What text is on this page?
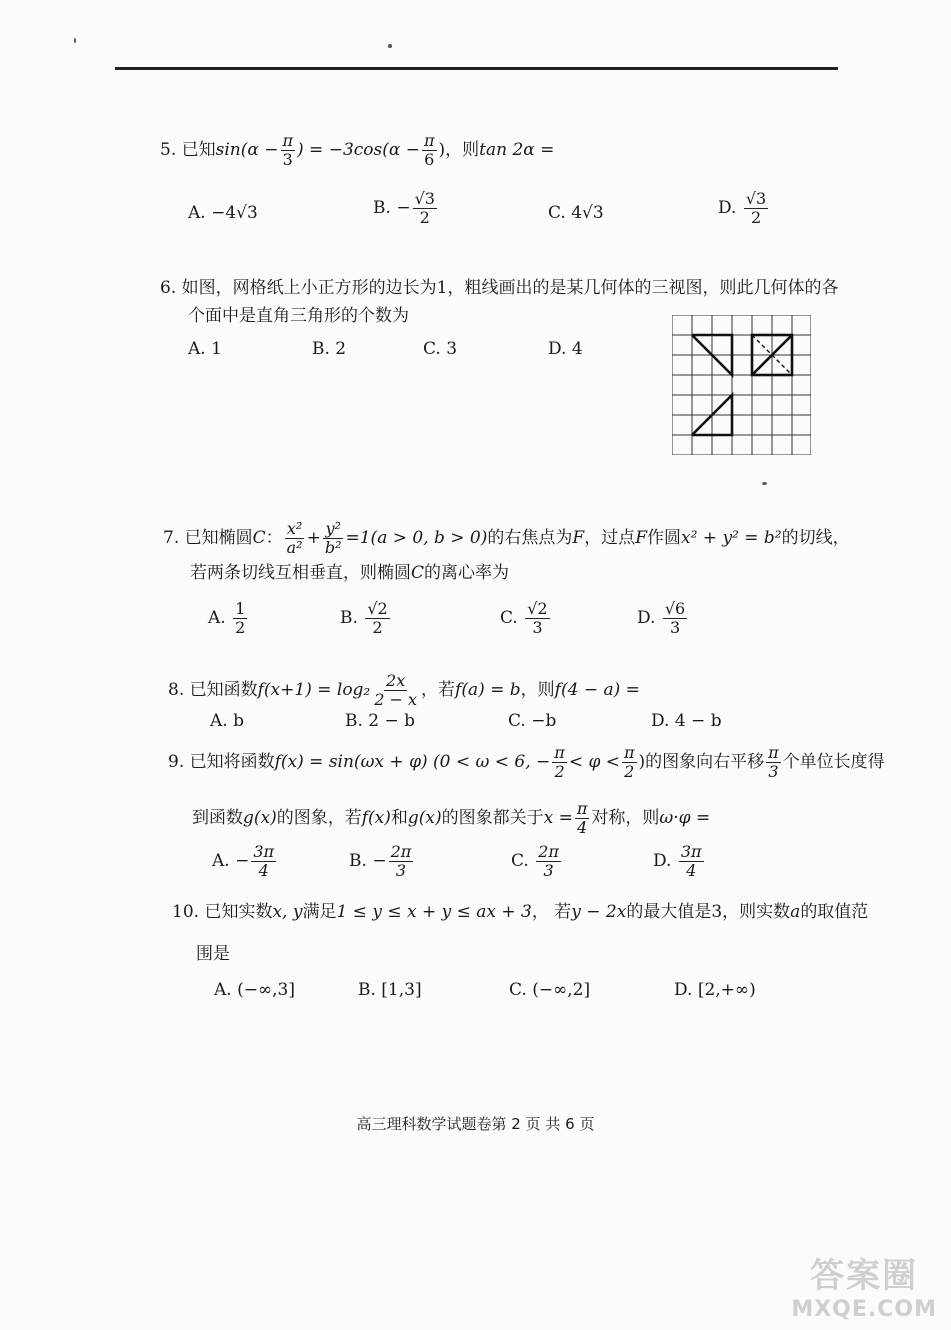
5. 已知$\sin(\alpha - \frac{\pi}{3}$ ) = $-3\cos(\alpha - \frac{\pi}{6}$ )，则tan 2α =
A. −4√3	B. − $\frac{√3}{2}$	C. 4√3	D. $\frac{√3}{2}$
6. 如图，网格纸上小正方形的边长为1，粗线画出的是某几何体的三视图，则此几何体的各
个面中是直角三角形的个数为
A. 1	B. 2	C. 3	D. 4
7. 已知椭圆C： $\frac{\text{x²}}{\text{a²}} + \frac{\text{y²}}{\text{b²}} =1(a > 0$, b > 0)的右焦点为F，过点F作圆x² + y² = b²的切线，
若两条切线互相垂直，则椭圆C的离心率为
A. $\frac{1}{2}$	B. $\frac{√2}{2}$	C. $\frac{√2}{3}$	D. $\frac{√6}{3}$
8. 已知函数$f(x+1) = \log_2 \frac{2x}{2 - x}$ ，若f(a) = b，则f(4 − a) =
A. b	B. 2 − b	C. −b	D. 4 − b
9. 已知将函数f(x) = sin(ωx + φ) (0 < ω < 6, − $\frac{\pi}{2} < \varphi < \frac{\pi}{2}$ )的图象向右平移 $\frac{\pi}{3}$ 个单位长度得
到函数g(x)的图象，若f(x)和g(x)的图象都关于$x = \frac{\pi}{4}$ 对称，则ω·φ =
A. − $\frac{3\pi}{4}$	B. − $\frac{2\pi}{3}$	C. $\frac{2\pi}{3}$	D. $\frac{3\pi}{4}$
10. 已知实数x, y满足1 ≤ y ≤ x + y ≤ ax + 3， 若y − 2x的最大值是3，则实数a的取值范
围是
A. (−∞,3]	B. [1,3]	C. (−∞,2]	D. [2,+∞)
高三理科数学试题卷第 2 页 共 6 页
答案圈
MXQE.COM
